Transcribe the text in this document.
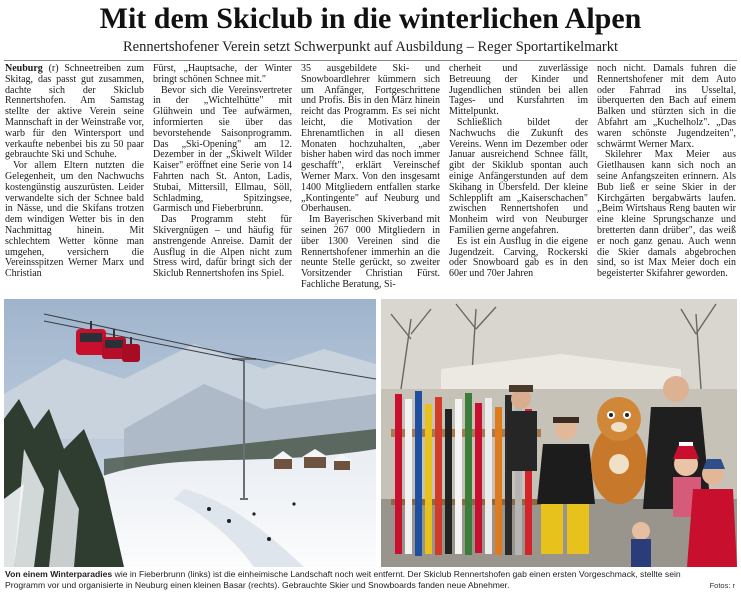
Mit dem Skiclub in die winterlichen Alpen
Rennertshofener Verein setzt Schwerpunkt auf Ausbildung – Reger Sportartikelmarkt

Neuburg (r) Schneetreiben zum Skitag, das passt gut zusammen, dachte sich der Skiclub Rennertshofen. Am Samstag stellte der aktive Verein seine Mannschaft in der Weinstraße vor, warb für den Wintersport und verkaufte nebenbei bis zu 50 paar gebrauchte Ski und Schuhe.

Vor allem Eltern nutzten die Gelegenheit, um den Nachwuchs kostengünstig auszurüsten. Leider verwandelte sich der Schnee bald in Nässe, und die Skifans trotzen dem windigen Wetter bis in den Nachmittag hinein. Mit schlechtem Wetter könne man umgehen, versichern die Vereinsspitzen Werner Marx und Christian

Fürst, „Hauptsache, der Winter bringt schönen Schnee mit."

Bevor sich die Vereinsvertreter in der „Wichtelhütte" mit Glühwein und Tee aufwärmen, informierten sie über das bevorstehende Saisonprogramm. Das „Ski-Opening" am 12. Dezember in der „Skiwelt Wilder Kaiser" eröffnet eine Serie von 14 Fahrten nach St. Anton, Ladis, Stubai, Mittersill, Ellmau, Söll, Schladming, Spitzingsee, Garmisch und Fieberbrunn.

Das Programm steht für Skivergnügen – und häufig für anstrengende Anreise. Damit der Ausflug in die Alpen nicht zum Stress wird, dafür bringt sich der Skiclub Rennertshofen ins Spiel.

35 ausgebildete Ski- und Snowboardlehrer kümmern sich um Anfänger, Fortgeschrittene und Profis. Bis in den März hinein reicht das Programm. Es sei nicht leicht, die Motivation der Ehrenamtlichen in all diesen Monaten hochzuhalten, „aber bisher haben wird das noch immer geschafft", erklärt Vereinschef Werner Marx. Von den insgesamt 1400 Mitgliedern entfallen starke „Kontingente" auf Neuburg und Oberhausen.

Im Bayerischen Skiverband mit seinen 267 000 Mitgliedern in über 1300 Vereinen sind die Rennertshofener immerhin an die neunte Stelle gerückt, so zweiter Vorsitzender Christian Fürst. Fachliche Beratung, Si-

cherheit und zuverlässige Betreuung der Kinder und Jugendlichen stünden bei allen Tages- und Kursfahrten im Mittelpunkt.

Schließlich bildet der Nachwuchs die Zukunft des Vereins. Wenn im Dezember oder Januar ausreichend Schnee fällt, gibt der Skiklub spontan auch einige Anfängerstunden auf dem Skihang in Übersfeld. Der kleine Schlepplift am „Kaiserschachen" zwischen Rennertshofen und Monheim wird von Neuburger Familien gerne angefahren.

Es ist ein Ausflug in die eigene Jugendzeit. Carving, Rockerski oder Snowboard gab es in den 60er und 70er Jahren

noch nicht. Damals fuhren die Rennertshofener mit dem Auto oder Fahrrad ins Usseltal, überquerten den Bach auf einem Balken und stürzten sich in die Abfahrt am „Kuchelholz". „Das waren schönste Jugendzeiten", schwärmt Werner Marx.

Skilehrer Max Meier aus Gietlhausen kann sich noch an seine Anfangszeiten erinnern. Als Bub ließ er seine Skier in der Kirchgärten bergabwärts laufen. „Beim Wirtshaus Reng bauten wir eine kleine Sprungschanze und bretterten dann drüber", das weiß er noch ganz genau. Auch wenn die Skier damals abgebrochen sind, so ist Max Meier doch ein begeisterter Skifahrer geworden.

Von einem Winterparadies wie in Fieberbrunn (links) ist die einheimische Landschaft noch weit entfernt. Der Skiclub Rennertshofen gab einen ersten Vorgeschmack, stellte sein Programm vor und organisierte in Neuburg einen kleinen Basar (rechts). Gebrauchte Skier und Snowboards fanden neue Abnehmer.	Fotos: r
